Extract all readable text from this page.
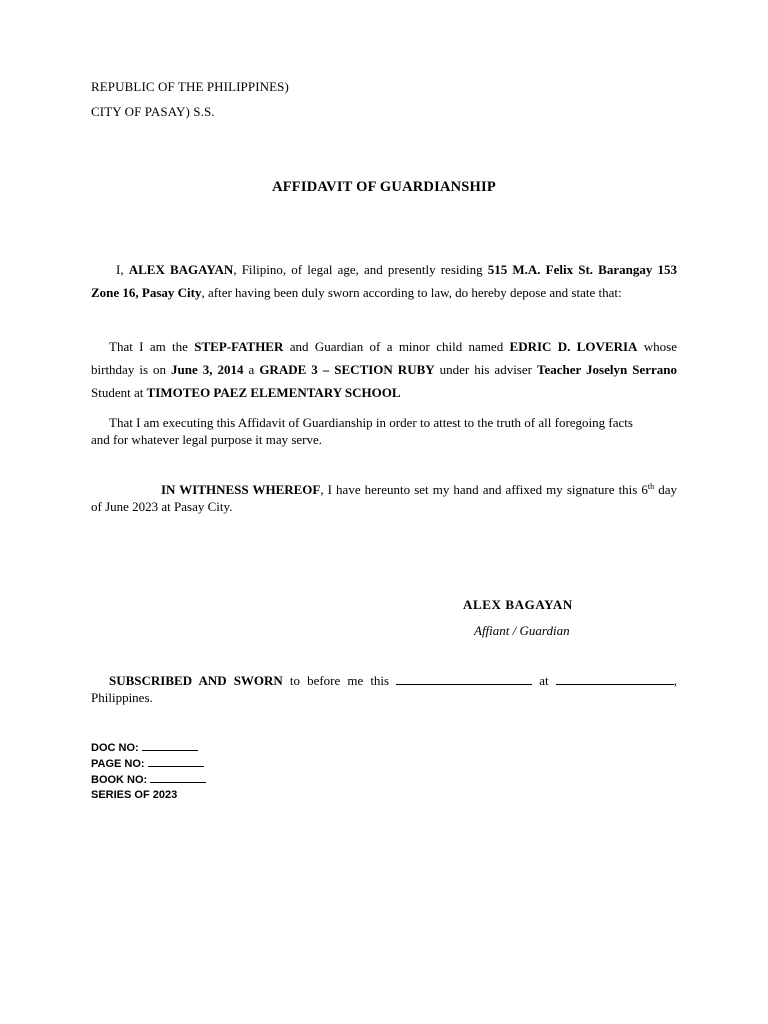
REPUBLIC OF THE PHILIPPINES)
CITY OF PASAY) S.S.
AFFIDAVIT OF GUARDIANSHIP
I, ALEX BAGAYAN, Filipino, of legal age, and presently residing 515 M.A. Felix St. Barangay 153 Zone 16, Pasay City, after having been duly sworn according to law, do hereby depose and state that:
That I am the STEP-FATHER and Guardian of a minor child named EDRIC D. LOVERIA whose birthday is on June 3, 2014 a GRADE 3 – SECTION RUBY under his adviser Teacher Joselyn Serrano Student at TIMOTEO PAEZ ELEMENTARY SCHOOL
That I am executing this Affidavit of Guardianship in order to attest to the truth of all foregoing facts and for whatever legal purpose it may serve.
IN WITHNESS WHEREOF, I have hereunto set my hand and affixed my signature this 6th day of June 2023 at Pasay City.
ALEX BAGAYAN
Affiant / Guardian
SUBSCRIBED AND SWORN to before me this	at	, Philippines.
DOC NO:
PAGE NO:
BOOK NO:
SERIES OF 2023
